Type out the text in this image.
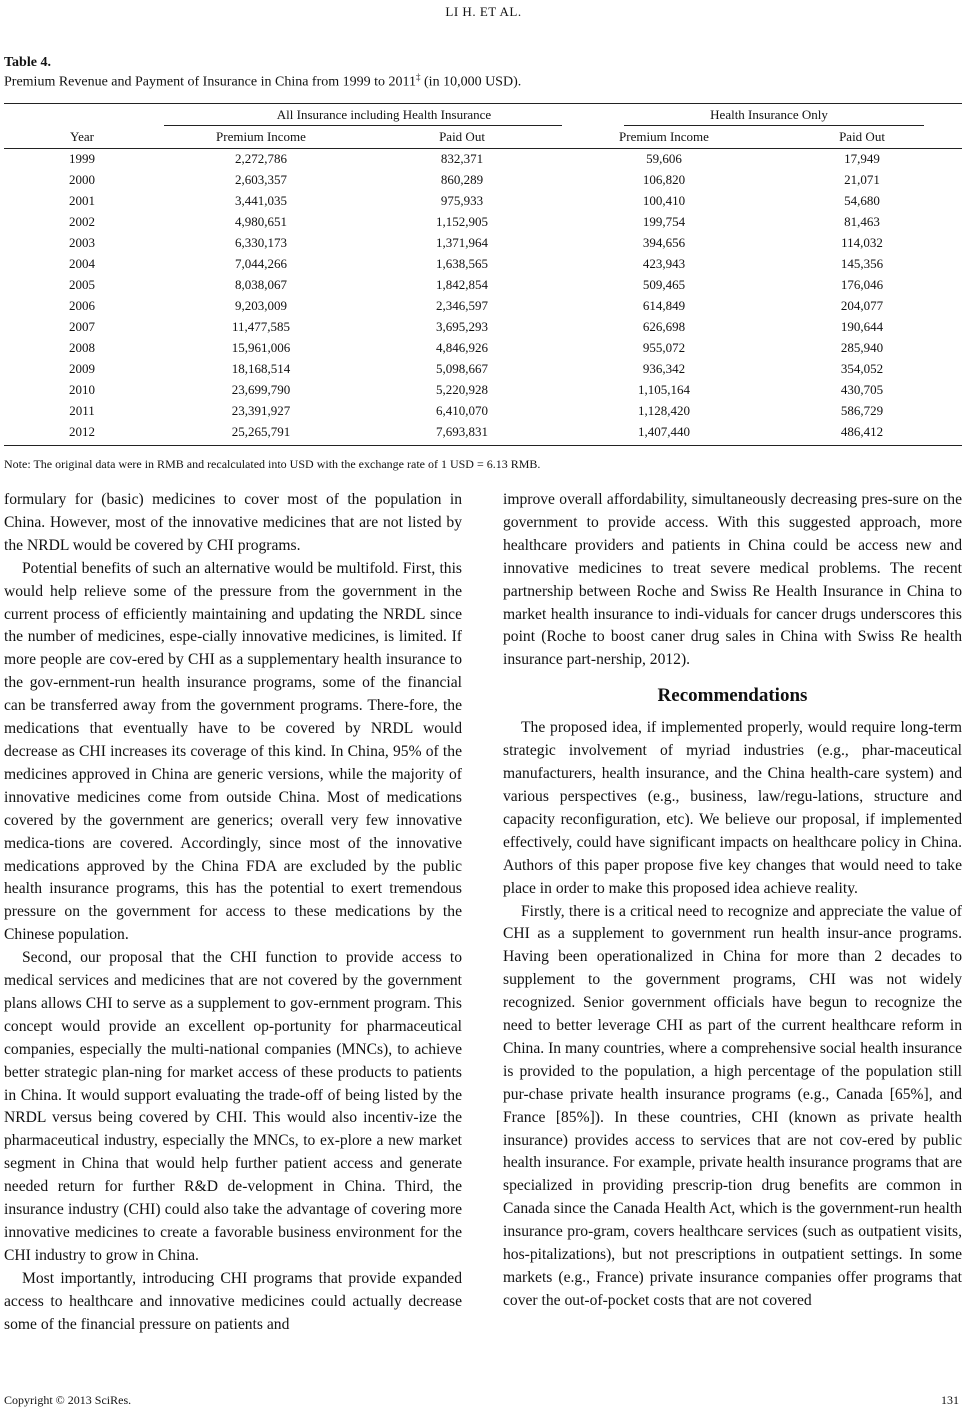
LI H. ET AL.
Table 4.
Premium Revenue and Payment of Insurance in China from 1999 to 2011‡ (in 10,000 USD).
All Insurance including Health Insurance	Health Insurance Only
Year	Premium Income	Paid Out	Premium Income	Paid Out
1999	2,272,786	832,371	59,606	17,949
2000	2,603,357	860,289	106,820	21,071
2001	3,441,035	975,933	100,410	54,680
2002	4,980,651	1,152,905	199,754	81,463
2003	6,330,173	1,371,964	394,656	114,032
2004	7,044,266	1,638,565	423,943	145,356
2005	8,038,067	1,842,854	509,465	176,046
2006	9,203,009	2,346,597	614,849	204,077
2007	11,477,585	3,695,293	626,698	190,644
2008	15,961,006	4,846,926	955,072	285,940
2009	18,168,514	5,098,667	936,342	354,052
2010	23,699,790	5,220,928	1,105,164	430,705
2011	23,391,927	6,410,070	1,128,420	586,729
2012	25,265,791	7,693,831	1,407,440	486,412
Note: The original data were in RMB and recalculated into USD with the exchange rate of 1 USD = 6.13 RMB.

formulary for (basic) medicines to cover most of the population in China. However, most of the innovative medicines that are not listed by the NRDL would be covered by CHI programs.

Potential benefits of such an alternative would be multifold. First, this would help relieve some of the pressure from the government in the current process of efficiently maintaining and updating the NRDL since the number of medicines, espe-cially innovative medicines, is limited. If more people are cov-ered by CHI as a supplementary health insurance to the gov-ernment-run health insurance programs, some of the financial can be transferred away from the government programs. There-fore, the medications that eventually have to be covered by NRDL would decrease as CHI increases its coverage of this kind. In China, 95% of the medicines approved in China are generic versions, while the majority of innovative medicines come from outside China. Most of medications covered by the government are generics; overall very few innovative medica-tions are covered. Accordingly, since most of the innovative medications approved by the China FDA are excluded by the public health insurance programs, this has the potential to exert tremendous pressure on the government for access to these medications by the Chinese population.

Second, our proposal that the CHI function to provide access to medical services and medicines that are not covered by the government plans allows CHI to serve as a supplement to gov-ernment program. This concept would provide an excellent op-portunity for pharmaceutical companies, especially the multi-national companies (MNCs), to achieve better strategic plan-ning for market access of these products to patients in China. It would support evaluating the trade-off of being listed by the NRDL versus being covered by CHI. This would also incentiv-ize the pharmaceutical industry, especially the MNCs, to ex-plore a new market segment in China that would help further patient access and generate needed return for further R&D de-velopment in China. Third, the insurance industry (CHI) could also take the advantage of covering more innovative medicines to create a favorable business environment for the CHI industry to grow in China.

Most importantly, introducing CHI programs that provide expanded access to healthcare and innovative medicines could actually decrease some of the financial pressure on patients and

improve overall affordability, simultaneously decreasing pres-sure on the government to provide access. With this suggested approach, more healthcare providers and patients in China could be access new and innovative medicines to treat severe medical problems. The recent partnership between Roche and Swiss Re Health Insurance in China to market health insurance to indi-viduals for cancer drugs underscores this point (Roche to boost caner drug sales in China with Swiss Re health insurance part-nership, 2012).

Recommendations

The proposed idea, if implemented properly, would require long-term strategic involvement of myriad industries (e.g., phar-maceutical manufacturers, health insurance, and the China health-care system) and various perspectives (e.g., business, law/regu-lations, structure and capacity reconfiguration, etc). We believe our proposal, if implemented effectively, could have significant impacts on healthcare policy in China. Authors of this paper propose five key changes that would need to take place in order to make this proposed idea achieve reality.

Firstly, there is a critical need to recognize and appreciate the value of CHI as a supplement to government run health insur-ance programs. Having been operationalized in China for more than 2 decades to supplement to the government programs, CHI was not widely recognized. Senior government officials have begun to recognize the need to better leverage CHI as part of the current healthcare reform in China. In many countries, where a comprehensive social health insurance is provided to the population, a high percentage of the population still pur-chase private health insurance programs (e.g., Canada [65%], and France [85%]). In these countries, CHI (known as private health insurance) provides access to services that are not cov-ered by public health insurance. For example, private health insurance programs that are specialized in providing prescrip-tion drug benefits are common in Canada since the Canada Health Act, which is the government-run health insurance pro-gram, covers healthcare services (such as outpatient visits, hos-pitalizations), but not prescriptions in outpatient settings. In some markets (e.g., France) private insurance companies offer programs that cover the out-of-pocket costs that are not covered

Copyright © 2013 SciRes.	131
